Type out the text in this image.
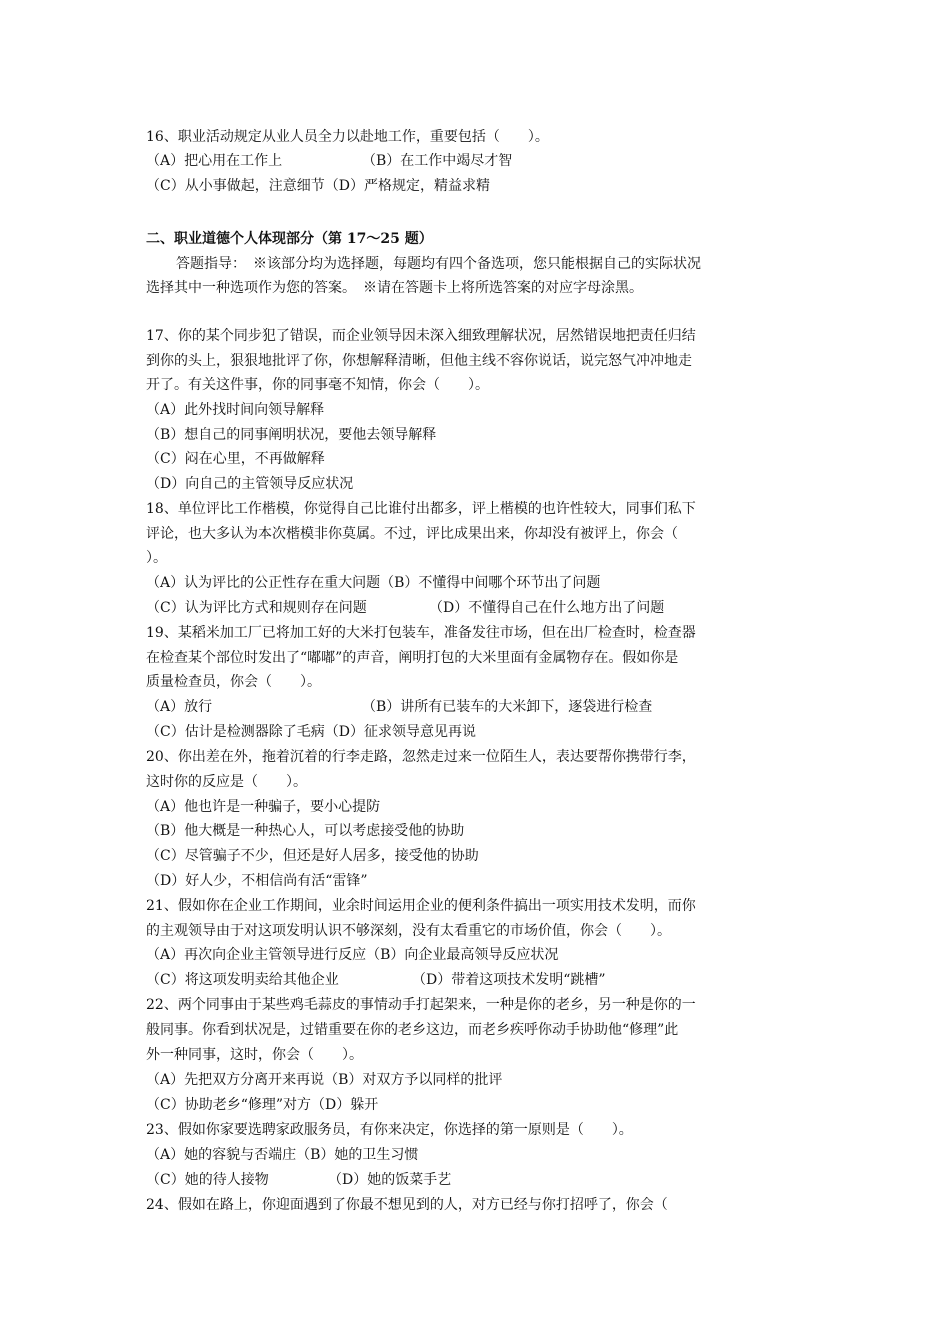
16、职业活动规定从业人员全力以赴地工作，重要包括（　　）。
（A）把心用在工作上	（B）在工作中竭尽才智
（C）从小事做起，注意细节（D）严格规定，精益求精
二、职业道德个人体现部分（第 17～25 题）
答题指导：　※该部分均为选择题，每题均有四个备选项，您只能根据自己的实际状况
选择其中一种选项作为您的答案。　※请在答题卡上将所选答案的对应字母涂黑。
17、你的某个同步犯了错误，而企业领导因未深入细致理解状况，居然错误地把责任归结
到你的头上，狠狠地批评了你，你想解释清晰，但他主线不容你说话，说完怒气冲冲地走
开了。有关这件事，你的同事毫不知情，你会（　　）。
（A）此外找时间向领导解释
（B）想自己的同事阐明状况，要他去领导解释
（C）闷在心里，不再做解释
（D）向自己的主管领导反应状况
18、单位评比工作楷模，你觉得自己比谁付出都多，评上楷模的也许性较大，同事们私下
评论，也大多认为本次楷模非你莫属。不过，评比成果出来，你却没有被评上，你会（
）。
（A）认为评比的公正性存在重大问题（B）不懂得中间哪个环节出了问题
（C）认为评比方式和规则存在问题	（D）不懂得自己在什么地方出了问题
19、某稻米加工厂已将加工好的大米打包装车，准备发往市场，但在出厂检查时，检查器
在检查某个部位时发出了“嘟嘟”的声音，阐明打包的大米里面有金属物存在。假如你是
质量检查员，你会（　　）。
（A）放行	（B）讲所有已装车的大米卸下，逐袋进行检查
（C）估计是检测器除了毛病（D）征求领导意见再说
20、你出差在外，拖着沉着的行李走路，忽然走过来一位陌生人，表达要帮你携带行李，
这时你的反应是（　　）。
（A）他也许是一种骗子，要小心提防
（B）他大概是一种热心人，可以考虑接受他的协助
（C）尽管骗子不少，但还是好人居多，接受他的协助
（D）好人少，不相信尚有活“雷锋”
21、假如你在企业工作期间，业余时间运用企业的便利条件搞出一项实用技术发明，而你
的主观领导由于对这项发明认识不够深刻，没有太看重它的市场价值，你会（　　）。
（A）再次向企业主管领导进行反应（B）向企业最高领导反应状况
（C）将这项发明卖给其他企业	（D）带着这项技术发明“跳槽”
22、两个同事由于某些鸡毛蒜皮的事情动手打起架来，一种是你的老乡，另一种是你的一
般同事。你看到状况是，过错重要在你的老乡这边，而老乡疾呼你动手协助他“修理”此
外一种同事，这时，你会（　　）。
（A）先把双方分离开来再说（B）对双方予以同样的批评
（C）协助老乡“修理”对方（D）躲开
23、假如你家要选聘家政服务员，有你来决定，你选择的第一原则是（　　）。
（A）她的容貌与否端庄（B）她的卫生习惯
（C）她的待人接物	（D）她的饭菜手艺
24、假如在路上，你迎面遇到了你最不想见到的人，对方已经与你打招呼了，你会（
